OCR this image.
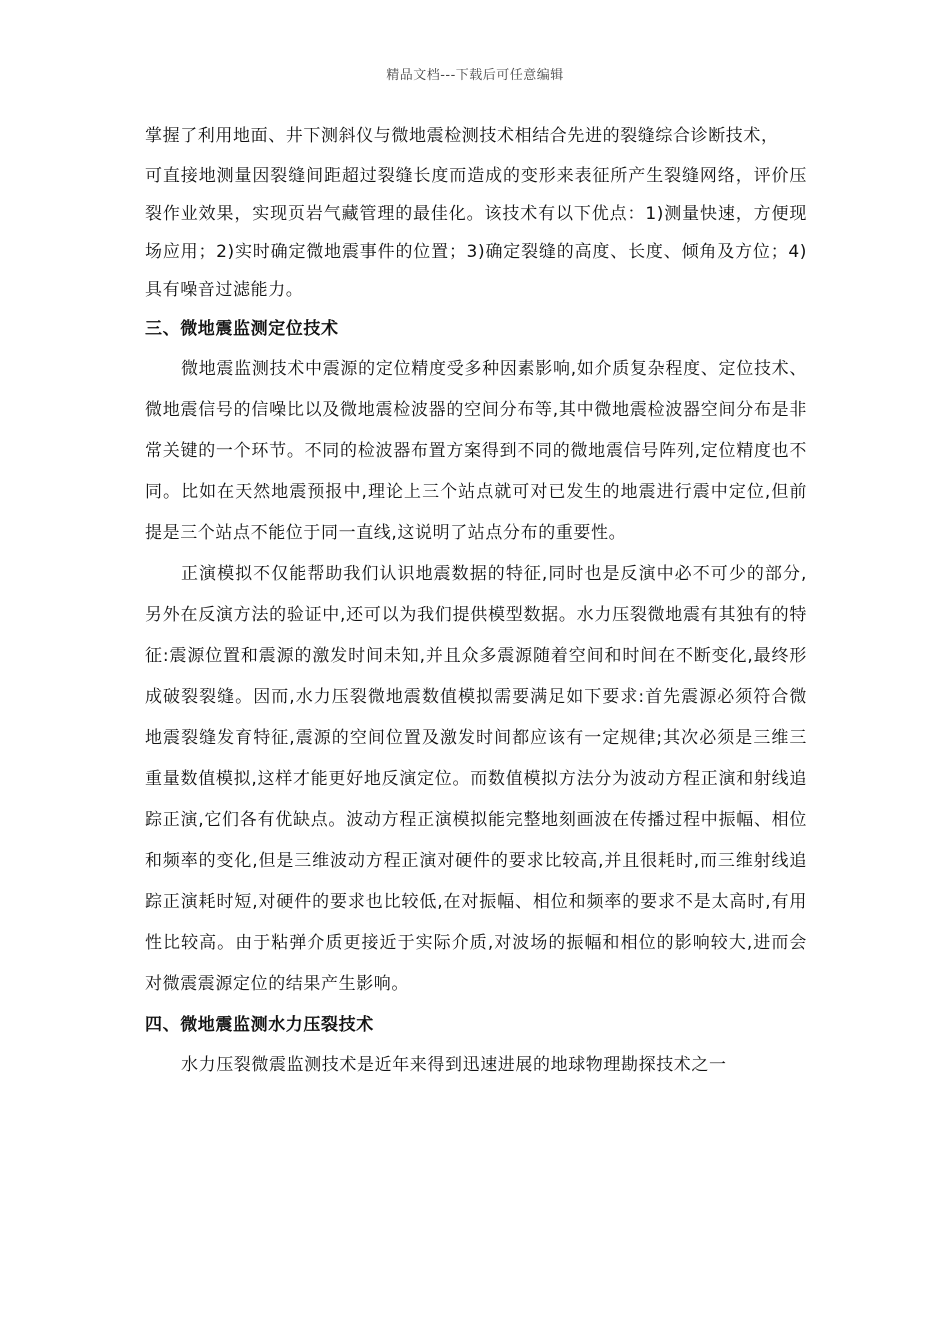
精品文档---下载后可任意编辑

掌握了利用地面、井下测斜仪与微地震检测技术相结合先进的裂缝综合诊断技术，

可直接地测量因裂缝间距超过裂缝长度而造成的变形来表征所产生裂缝网络，评价压裂作业效果，实现页岩气藏管理的最佳化。该技术有以下优点：1)测量快速，方便现场应用；2)实时确定微地震事件的位置；3)确定裂缝的高度、长度、倾角及方位；4)具有噪音过滤能力。

三、微地震监测定位技术

微地震监测技术中震源的定位精度受多种因素影响,如介质复杂程度、定位技术、微地震信号的信噪比以及微地震检波器的空间分布等,其中微地震检波器空间分布是非常关键的一个环节。不同的检波器布置方案得到不同的微地震信号阵列,定位精度也不同。比如在天然地震预报中,理论上三个站点就可对已发生的地震进行震中定位,但前提是三个站点不能位于同一直线,这说明了站点分布的重要性。

正演模拟不仅能帮助我们认识地震数据的特征,同时也是反演中必不可少的部分,另外在反演方法的验证中,还可以为我们提供模型数据。水力压裂微地震有其独有的特征:震源位置和震源的激发时间未知,并且众多震源随着空间和时间在不断变化,最终形成破裂裂缝。因而,水力压裂微地震数值模拟需要满足如下要求:首先震源必须符合微地震裂缝发育特征,震源的空间位置及激发时间都应该有一定规律;其次必须是三维三重量数值模拟,这样才能更好地反演定位。而数值模拟方法分为波动方程正演和射线追踪正演,它们各有优缺点。波动方程正演模拟能完整地刻画波在传播过程中振幅、相位和频率的变化,但是三维波动方程正演对硬件的要求比较高,并且很耗时,而三维射线追踪正演耗时短,对硬件的要求也比较低,在对振幅、相位和频率的要求不是太高时,有用性比较高。由于粘弹介质更接近于实际介质,对波场的振幅和相位的影响较大,进而会对微震震源定位的结果产生影响。

四、微地震监测水力压裂技术

水力压裂微震监测技术是近年来得到迅速进展的地球物理勘探技术之一
